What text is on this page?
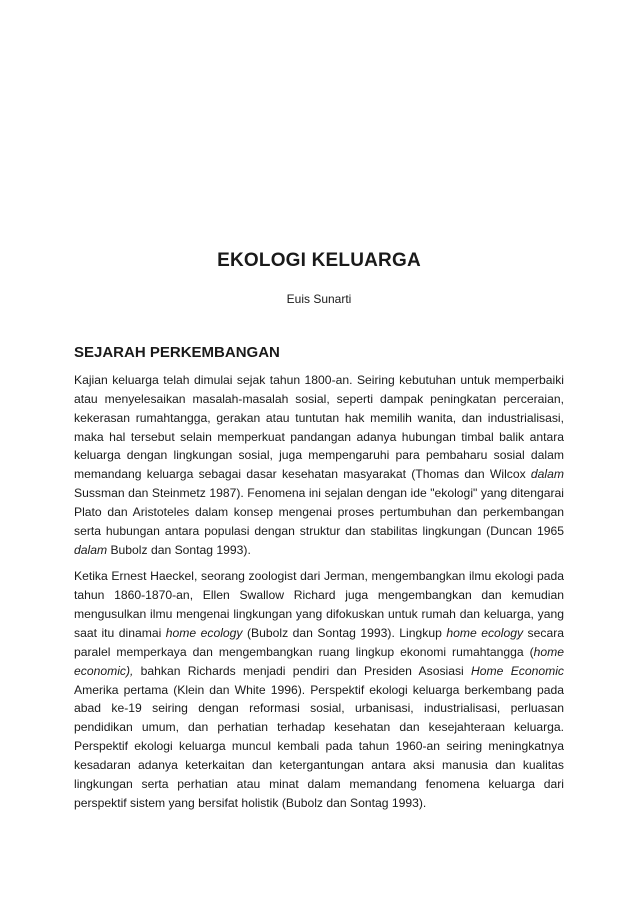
EKOLOGI KELUARGA
Euis Sunarti
SEJARAH PERKEMBANGAN

Kajian keluarga telah dimulai sejak tahun 1800-an. Seiring kebutuhan untuk memperbaiki atau menyelesaikan masalah-masalah sosial, seperti dampak peningkatan perceraian, kekerasan rumahtangga, gerakan atau tuntutan hak memilih wanita, dan industrialisasi, maka hal tersebut selain memperkuat pandangan adanya hubungan timbal balik antara keluarga dengan lingkungan sosial, juga mempengaruhi para pembaharu sosial dalam memandang keluarga sebagai dasar kesehatan masyarakat (Thomas dan Wilcox dalam Sussman dan Steinmetz 1987). Fenomena ini sejalan dengan ide "ekologi" yang ditengarai Plato dan Aristoteles dalam konsep mengenai proses pertumbuhan dan perkembangan serta hubungan antara populasi dengan struktur dan stabilitas lingkungan (Duncan 1965 dalam Bubolz dan Sontag 1993).

Ketika Ernest Haeckel, seorang zoologist dari Jerman, mengembangkan ilmu ekologi pada tahun 1860-1870-an, Ellen Swallow Richard juga mengembangkan dan kemudian mengusulkan ilmu mengenai lingkungan yang difokuskan untuk rumah dan keluarga, yang saat itu dinamai home ecology (Bubolz dan Sontag 1993). Lingkup home ecology secara paralel memperkaya dan mengembangkan ruang lingkup ekonomi rumahtangga (home economic), bahkan Richards menjadi pendiri dan Presiden Asosiasi Home Economic Amerika pertama (Klein dan White 1996). Perspektif ekologi keluarga berkembang pada abad ke-19 seiring dengan reformasi sosial, urbanisasi, industrialisasi, perluasan pendidikan umum, dan perhatian terhadap kesehatan dan kesejahteraan keluarga. Perspektif ekologi keluarga muncul kembali pada tahun 1960-an seiring meningkatnya kesadaran adanya keterkaitan dan ketergantungan antara aksi manusia dan kualitas lingkungan serta perhatian atau minat dalam memandang fenomena keluarga dari perspektif sistem yang bersifat holistik (Bubolz dan Sontag 1993).
